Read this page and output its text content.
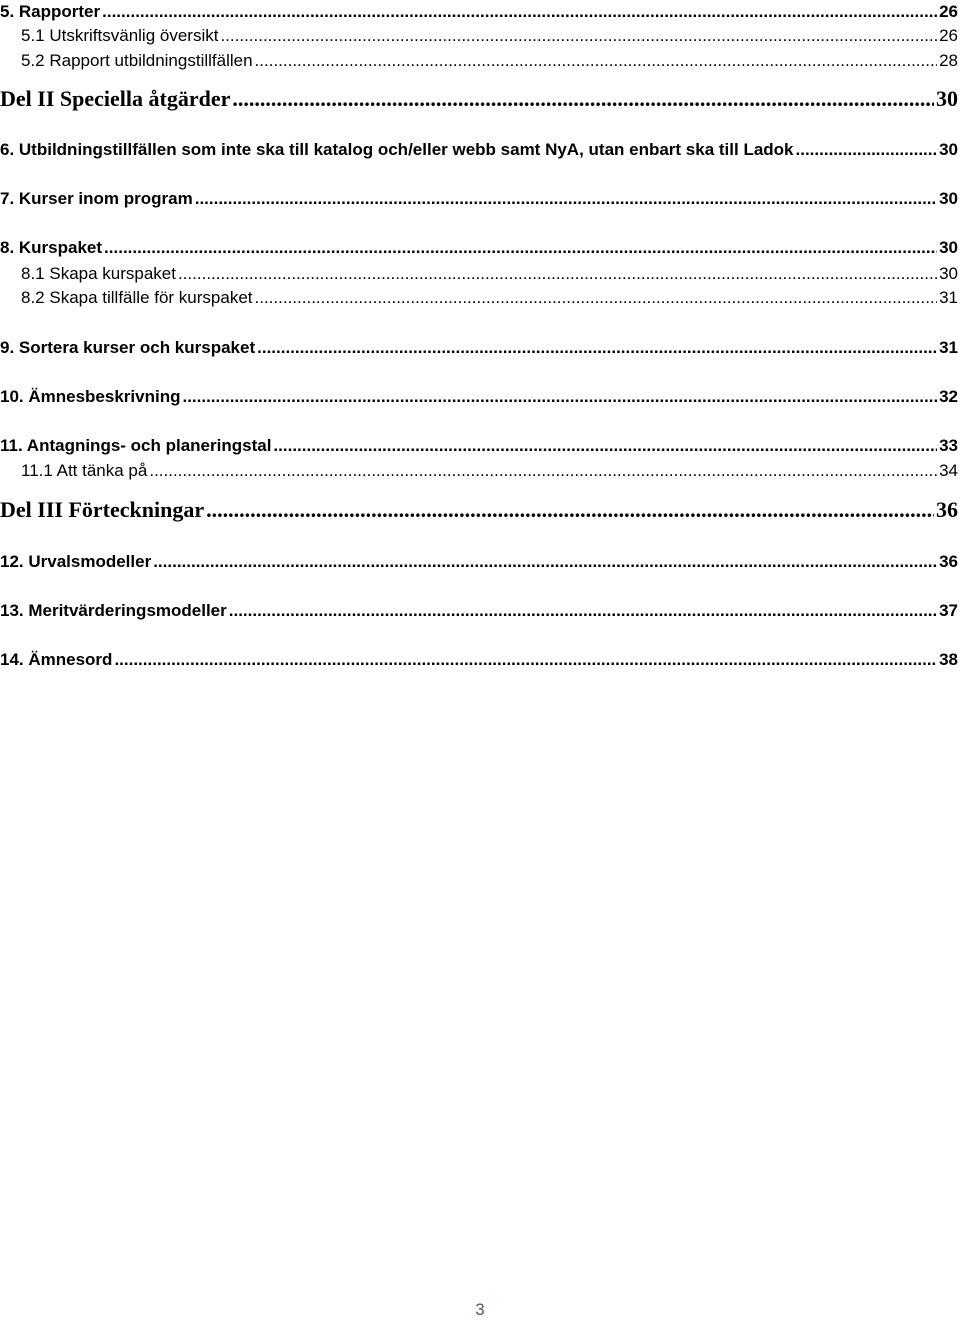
5. Rapporter .....	26
5.1 Utskriftsvänlig översikt .....	26
5.2 Rapport utbildningstillfällen .....	28
Del II Speciella åtgärder .....	30
6. Utbildningstillfällen som inte ska till katalog och/eller webb samt NyA, utan enbart ska till Ladok .....	30
7. Kurser inom program .....	30
8. Kurspaket .....	30
8.1 Skapa kurspaket .....	30
8.2 Skapa tillfälle för kurspaket .....	31
9. Sortera kurser och kurspaket .....	31
10. Ämnesbeskrivning .....	32
11. Antagnings- och planeringstal .....	33
11.1 Att tänka på .....	34
Del III Förteckningar .....	36
12. Urvalsmodeller .....	36
13. Meritvärderingsmodeller .....	37
14. Ämnesord .....	38
3
